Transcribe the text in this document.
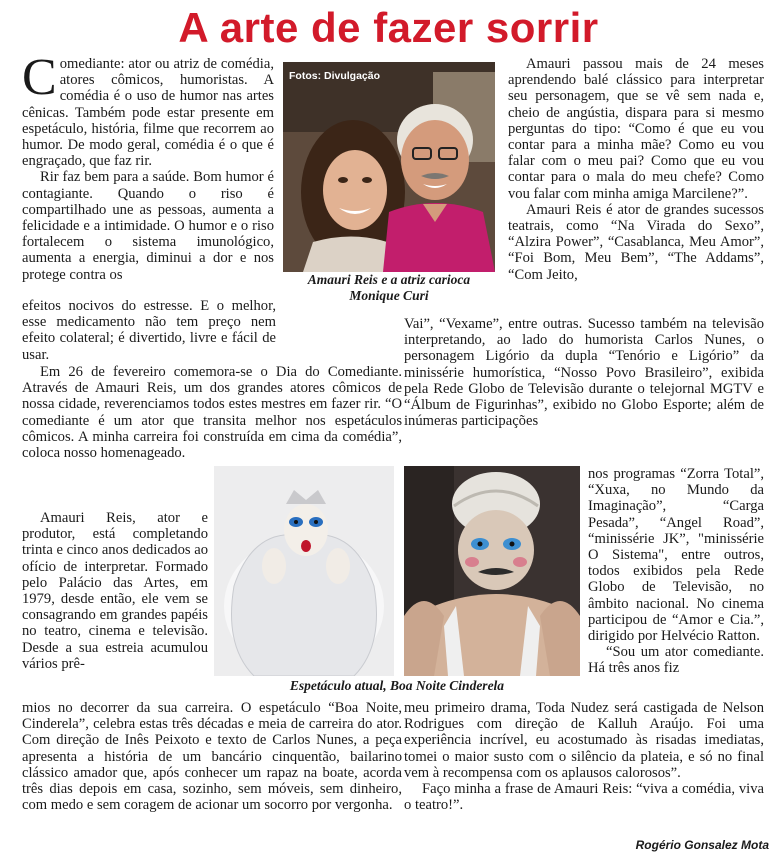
A arte de fazer sorrir

Comediante: ator ou atriz de comédia, atores cômicos, humoristas. A comédia é o uso de humor nas artes cênicas. Também pode estar presente em espetáculo, história, filme que recorrem ao humor. De modo geral, comédia é o que é engraçado, que faz rir.

Rir faz bem para a saúde. Bom humor é contagiante. Quando o riso é compartilhado une as pessoas, aumenta a felicidade e a intimidade. O humor e o riso fortalecem o sistema imunológico, aumenta a energia, diminui a dor e nos protege contra os

efeitos nocivos do estresse. E o melhor, esse medicamento não tem preço nem efeito colateral; é divertido, livre e fácil de usar.

Em 26 de fevereiro comemora-se o Dia do Comediante. Através de Amauri Reis, um dos grandes atores cômicos de nossa cidade, reverenciamos todos estes mestres em fazer rir. “O comediante é um ator que transita melhor nos espetáculos cômicos. A minha carreira foi construída em cima da comédia”, coloca nosso homenageado.

Amauri Reis, ator e produtor, está completando trinta e cinco anos dedicados ao ofício de interpretar. Formado pelo Palácio das Artes, em 1979, desde então, ele vem se consagrando em grandes papéis no teatro, cinema e televisão. Desde a sua estreia acumulou vários prê-

mios no decorrer da sua carreira. O espetáculo “Boa Noite, Cinderela”, celebra estas três décadas e meia de carreira do ator. Com direção de Inês Peixoto e texto de Carlos Nunes, a peça apresenta a história de um bancário cinquentão, bailarino clássico amador que, após conhecer um rapaz na boate, acorda três dias depois em casa, sozinho, sem móveis, sem dinheiro, com medo e sem coragem de acionar um socorro por vergonha.

Amauri passou mais de 24 meses aprendendo balé clássico para interpretar seu personagem, que se vê sem nada e, cheio de angústia, dispara para si mesmo perguntas do tipo: “Como é que eu vou contar para a minha mãe? Como eu vou falar com o meu pai? Como que eu vou contar para o mala do meu chefe? Como vou falar com minha amiga Marcilene?”.

Amauri Reis é ator de grandes sucessos teatrais, como “Na Virada do Sexo”, “Alzira Power”, “Casablanca, Meu Amor”, “Foi Bom, Meu Bem”, “The Addams”, “Com Jeito,

Vai”, “Vexame”, entre outras. Sucesso também na televisão interpretando, ao lado do humorista Carlos Nunes, o personagem Ligório da dupla “Tenório e Ligório” da minissérie humorística, “Nosso Povo Brasileiro”, exibida pela Rede Globo de Televisão durante o telejornal MGTV e “Álbum de Figurinhas”, exibido no Globo Esporte; além de inúmeras participações

nos programas “Zorra Total”, “Xuxa, no Mundo da Imaginação”, “Carga Pesada”, “Angel Road”, “minissérie JK”, "minissérie O Sistema", entre outros, todos exibidos pela Rede Globo de Televisão, no âmbito nacional. No cinema participou de “Amor e Cia.”, dirigido por Helvécio Ratton.

“Sou um ator comediante. Há três anos fiz

meu primeiro drama, Toda Nudez será castigada de Nelson Rodrigues com direção de Kalluh Araújo. Foi uma experiência incrível, eu acostumado às risadas imediatas, tomei o maior susto com o silêncio da plateia, e só no final vem à recompensa com os aplausos calorosos”.

Faço minha a frase de Amauri Reis: “viva a comédia, viva o teatro!”.

Fotos: Divulgação
Amauri Reis e a atriz carioca
Monique Curi
Espetáculo atual, Boa Noite Cinderela
Rogério Gonsalez Mota
